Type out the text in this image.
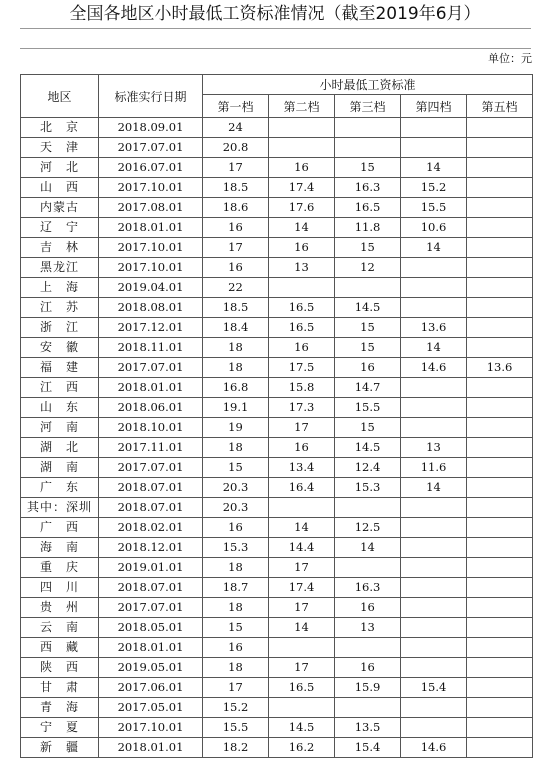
全国各地区小时最低工资标准情况（截至2019年6月）
单位：元
地区	标准实行日期	小时最低工资标准				
		第一档	第二档	第三档	第四档	第五档
北　京	2018.09.01	24				
天　津	2017.07.01	20.8				
河　北	2016.07.01	17	16	15	14	
山　西	2017.10.01	18.5	17.4	16.3	15.2	
内蒙古	2017.08.01	18.6	17.6	16.5	15.5	
辽　宁	2018.01.01	16	14	11.8	10.6	
吉　林	2017.10.01	17	16	15	14	
黑龙江	2017.10.01	16	13	12		
上　海	2019.04.01	22				
江　苏	2018.08.01	18.5	16.5	14.5		
浙　江	2017.12.01	18.4	16.5	15	13.6	
安　徽	2018.11.01	18	16	15	14	
福　建	2017.07.01	18	17.5	16	14.6	13.6
江　西	2018.01.01	16.8	15.8	14.7		
山　东	2018.06.01	19.1	17.3	15.5		
河　南	2018.10.01	19	17	15		
湖　北	2017.11.01	18	16	14.5	13	
湖　南	2017.07.01	15	13.4	12.4	11.6	
广　东	2018.07.01	20.3	16.4	15.3	14	
其中：深圳	2018.07.01	20.3				
广　西	2018.02.01	16	14	12.5		
海　南	2018.12.01	15.3	14.4	14		
重　庆	2019.01.01	18	17			
四　川	2018.07.01	18.7	17.4	16.3		
贵　州	2017.07.01	18	17	16		
云　南	2018.05.01	15	14	13		
西　藏	2018.01.01	16				
陕　西	2019.05.01	18	17	16		
甘　肃	2017.06.01	17	16.5	15.9	15.4	
青　海	2017.05.01	15.2				
宁　夏	2017.10.01	15.5	14.5	13.5		
新　疆	2018.01.01	18.2	16.2	15.4	14.6	
